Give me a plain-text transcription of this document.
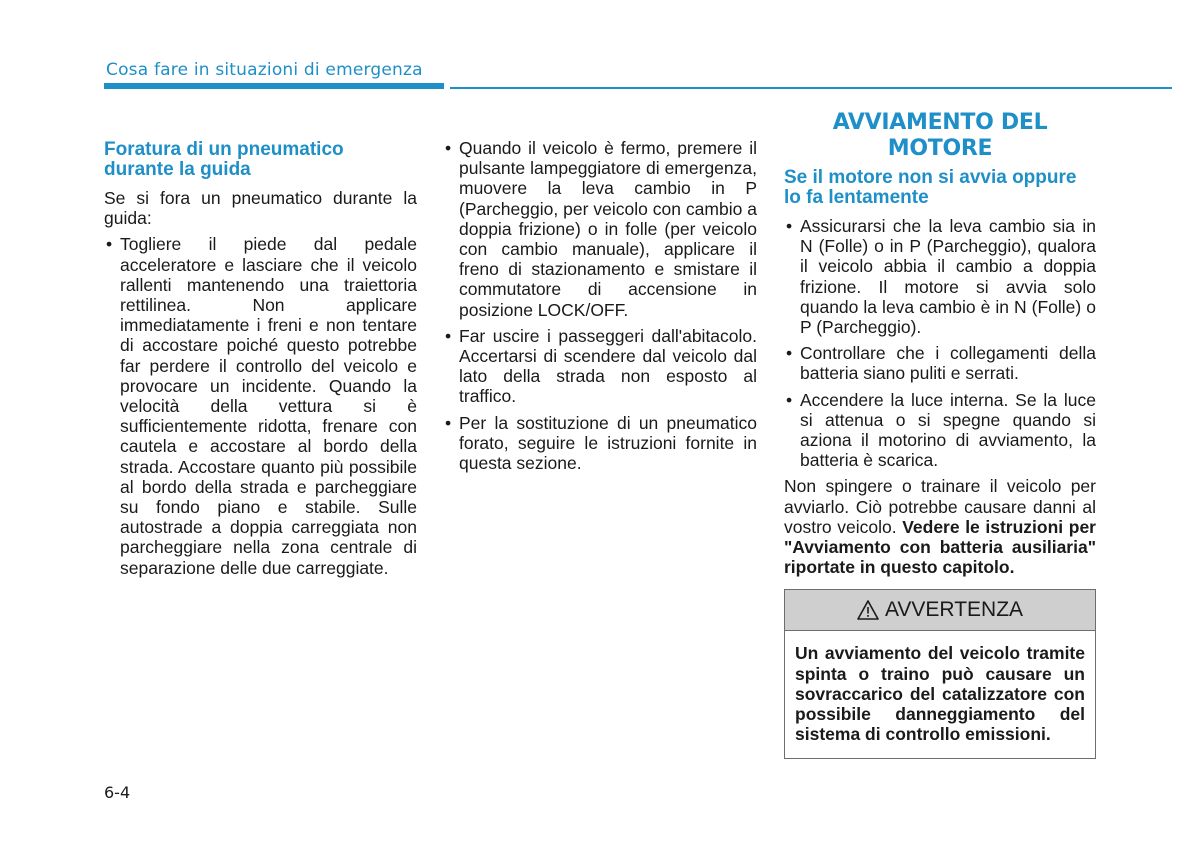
Cosa fare in situazioni di emergenza
Foratura di un pneumatico durante la guida

Se si fora un pneumatico durante la guida:

• Togliere il piede dal pedale acceleratore e lasciare che il veicolo rallenti mantenendo una traiettoria rettilinea. Non applicare immediatamente i freni e non tentare di accostare poiché questo potrebbe far perdere il controllo del veicolo e provocare un incidente. Quando la velocità della vettura si è sufficientemente ridotta, frenare con cautela e accostare al bordo della strada. Accostare quanto più possibile al bordo della strada e parcheggiare su fondo piano e stabile. Sulle autostrade a doppia carreggiata non parcheggiare nella zona centrale di separazione delle due carreggiate.
• Quando il veicolo è fermo, premere il pulsante lampeggiatore di emergenza, muovere la leva cambio in P (Parcheggio, per veicolo con cambio a doppia frizione) o in folle (per veicolo con cambio manuale), applicare il freno di stazionamento e smistare il commutatore di accensione in posizione LOCK/OFF.
• Far uscire i passeggeri dall'abitacolo. Accertarsi di scendere dal veicolo dal lato della strada non esposto al traffico.
• Per la sostituzione di un pneumatico forato, seguire le istruzioni fornite in questa sezione.
AVVIAMENTO DEL MOTORE
Se il motore non si avvia oppure lo fa lentamente
• Assicurarsi che la leva cambio sia in N (Folle) o in P (Parcheggio), qualora il veicolo abbia il cambio a doppia frizione. Il motore si avvia solo quando la leva cambio è in N (Folle) o P (Parcheggio).
• Controllare che i collegamenti della batteria siano puliti e serrati.
• Accendere la luce interna. Se la luce si attenua o si spegne quando si aziona il motorino di avviamento, la batteria è scarica.

Non spingere o trainare il veicolo per avviarlo. Ciò potrebbe causare danni al vostro veicolo. Vedere le istruzioni per "Avviamento con batteria ausiliaria" riportate in questo capitolo.

AVVERTENZA
Un avviamento del veicolo tramite spinta o traino può causare un sovraccarico del catalizzatore con possibile danneggiamento del sistema di controllo emissioni.
6-4
